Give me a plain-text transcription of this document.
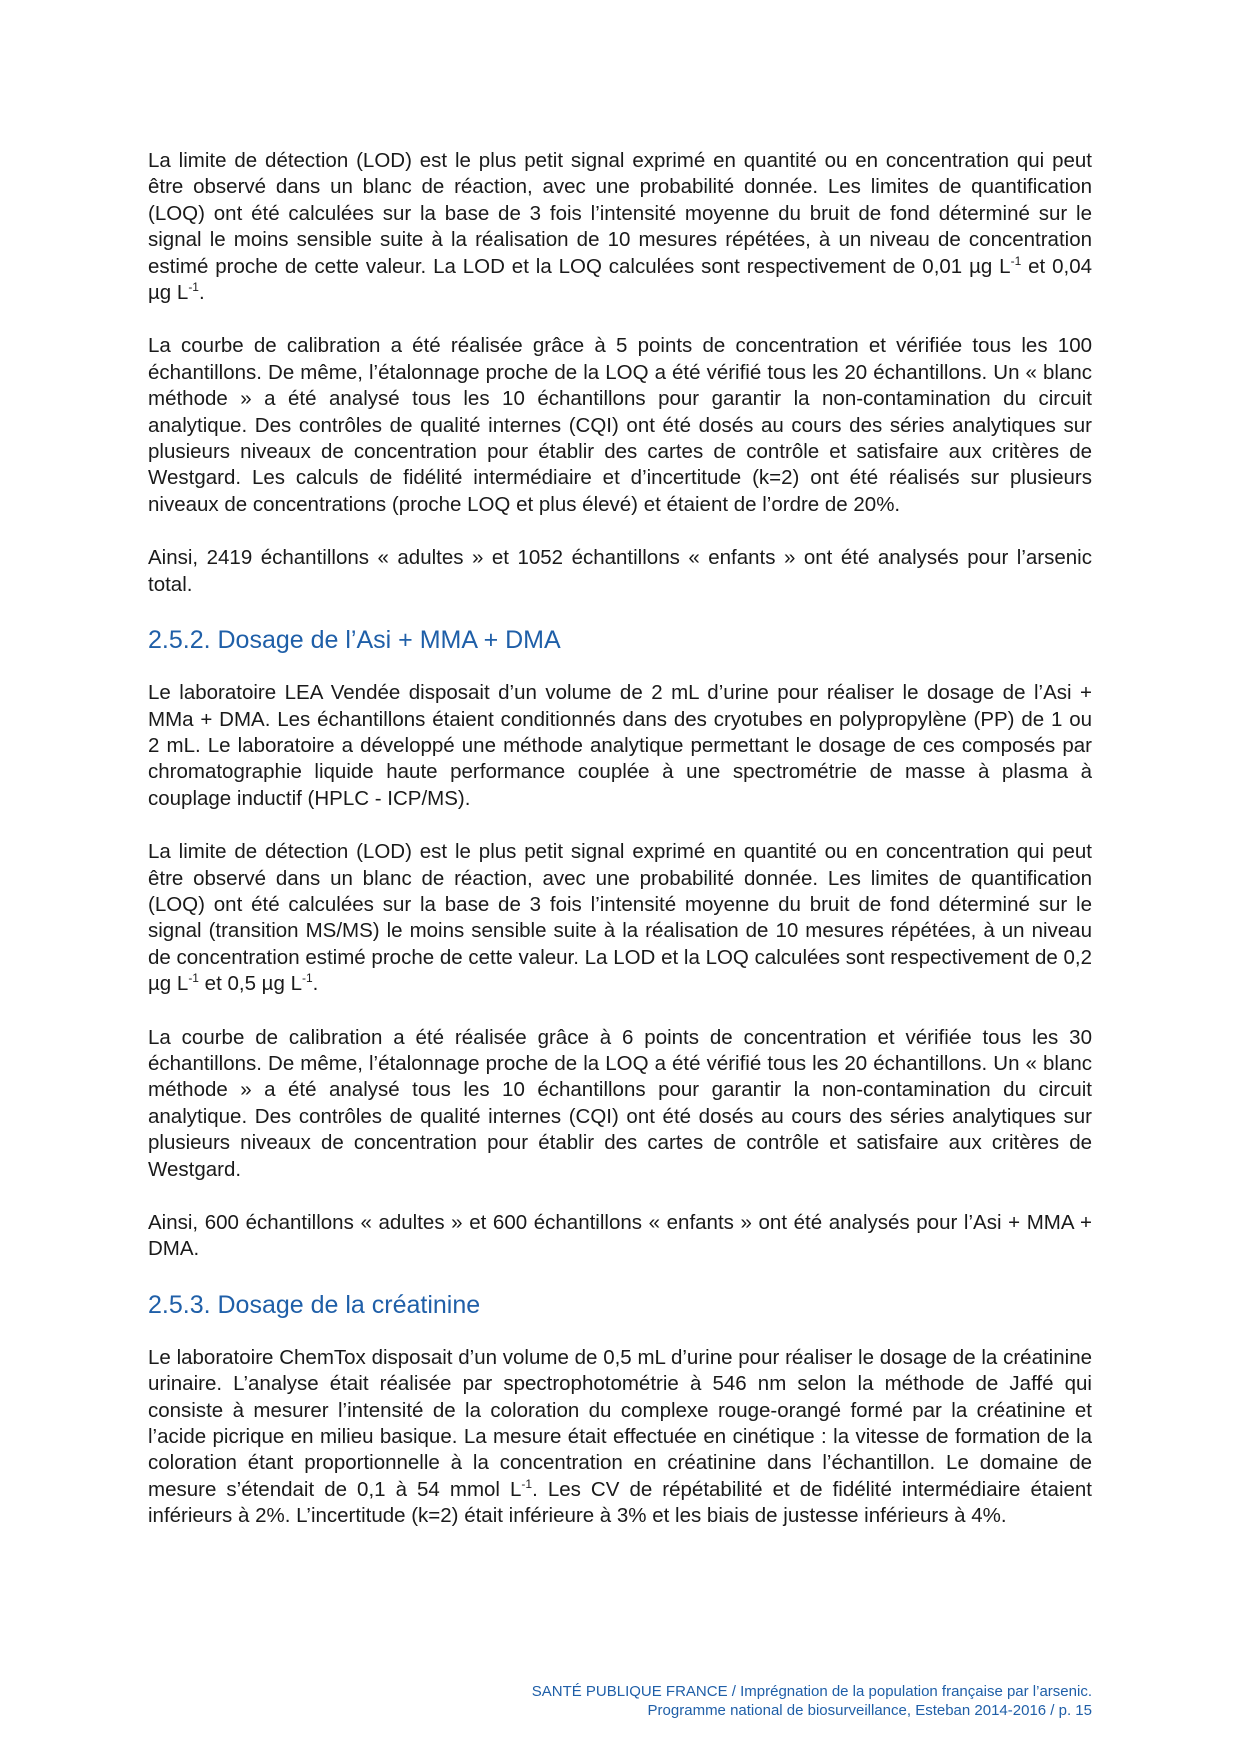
La limite de détection (LOD) est le plus petit signal exprimé en quantité ou en concentration qui peut être observé dans un blanc de réaction, avec une probabilité donnée. Les limites de quantification (LOQ) ont été calculées sur la base de 3 fois l’intensité moyenne du bruit de fond déterminé sur le signal le moins sensible suite à la réalisation de 10 mesures répétées, à un niveau de concentration estimé proche de cette valeur. La LOD et la LOQ calculées sont respectivement de 0,01 µg $L^{-1}$ et 0,04 µg $L^{-1}$.

La courbe de calibration a été réalisée grâce à 5 points de concentration et vérifiée tous les 100 échantillons. De même, l’étalonnage proche de la LOQ a été vérifié tous les 20 échantillons. Un « blanc méthode » a été analysé tous les 10 échantillons pour garantir la non-contamination du circuit analytique. Des contrôles de qualité internes (CQI) ont été dosés au cours des séries analytiques sur plusieurs niveaux de concentration pour établir des cartes de contrôle et satisfaire aux critères de Westgard. Les calculs de fidélité intermédiaire et d’incertitude (k=2) ont été réalisés sur plusieurs niveaux de concentrations (proche LOQ et plus élevé) et étaient de l’ordre de 20%.

Ainsi, 2419 échantillons « adultes » et 1052 échantillons « enfants » ont été analysés pour l’arsenic total.

2.5.2. Dosage de l’Asi + MMA + DMA

Le laboratoire LEA Vendée disposait d’un volume de 2 mL d’urine pour réaliser le dosage de l’Asi + MMa + DMA. Les échantillons étaient conditionnés dans des cryotubes en polypropylène (PP) de 1 ou 2 mL. Le laboratoire a développé une méthode analytique permettant le dosage de ces composés par chromatographie liquide haute performance couplée à une spectrométrie de masse à plasma à couplage inductif (HPLC - ICP/MS).

La limite de détection (LOD) est le plus petit signal exprimé en quantité ou en concentration qui peut être observé dans un blanc de réaction, avec une probabilité donnée. Les limites de quantification (LOQ) ont été calculées sur la base de 3 fois l’intensité moyenne du bruit de fond déterminé sur le signal (transition MS/MS) le moins sensible suite à la réalisation de 10 mesures répétées, à un niveau de concentration estimé proche de cette valeur. La LOD et la LOQ calculées sont respectivement de 0,2 µg $L^{-1}$ et 0,5 µg $L^{-1}$.

La courbe de calibration a été réalisée grâce à 6 points de concentration et vérifiée tous les 30 échantillons. De même, l’étalonnage proche de la LOQ a été vérifié tous les 20 échantillons. Un « blanc méthode » a été analysé tous les 10 échantillons pour garantir la non-contamination du circuit analytique. Des contrôles de qualité internes (CQI) ont été dosés au cours des séries analytiques sur plusieurs niveaux de concentration pour établir des cartes de contrôle et satisfaire aux critères de Westgard.

Ainsi, 600 échantillons « adultes » et 600 échantillons « enfants » ont été analysés pour l’Asi + MMA + DMA.

2.5.3. Dosage de la créatinine

Le laboratoire ChemTox disposait d’un volume de 0,5 mL d’urine pour réaliser le dosage de la créatinine urinaire. L’analyse était réalisée par spectrophotométrie à 546 nm selon la méthode de Jaffé qui consiste à mesurer l’intensité de la coloration du complexe rouge-orangé formé par la créatinine et l’acide picrique en milieu basique. La mesure était effectuée en cinétique : la vitesse de formation de la coloration étant proportionnelle à la concentration en créatinine dans l’échantillon. Le domaine de mesure s’étendait de 0,1 à 54 mmol $L^{-1}$. Les CV de répétabilité et de fidélité intermédiaire étaient inférieurs à 2%. L’incertitude (k=2) était inférieure à 3% et les biais de justesse inférieurs à 4%.

SANTÉ PUBLIQUE FRANCE / Imprégnation de la population française par l’arsenic.
Programme national de biosurveillance, Esteban 2014-2016 / p. 15
